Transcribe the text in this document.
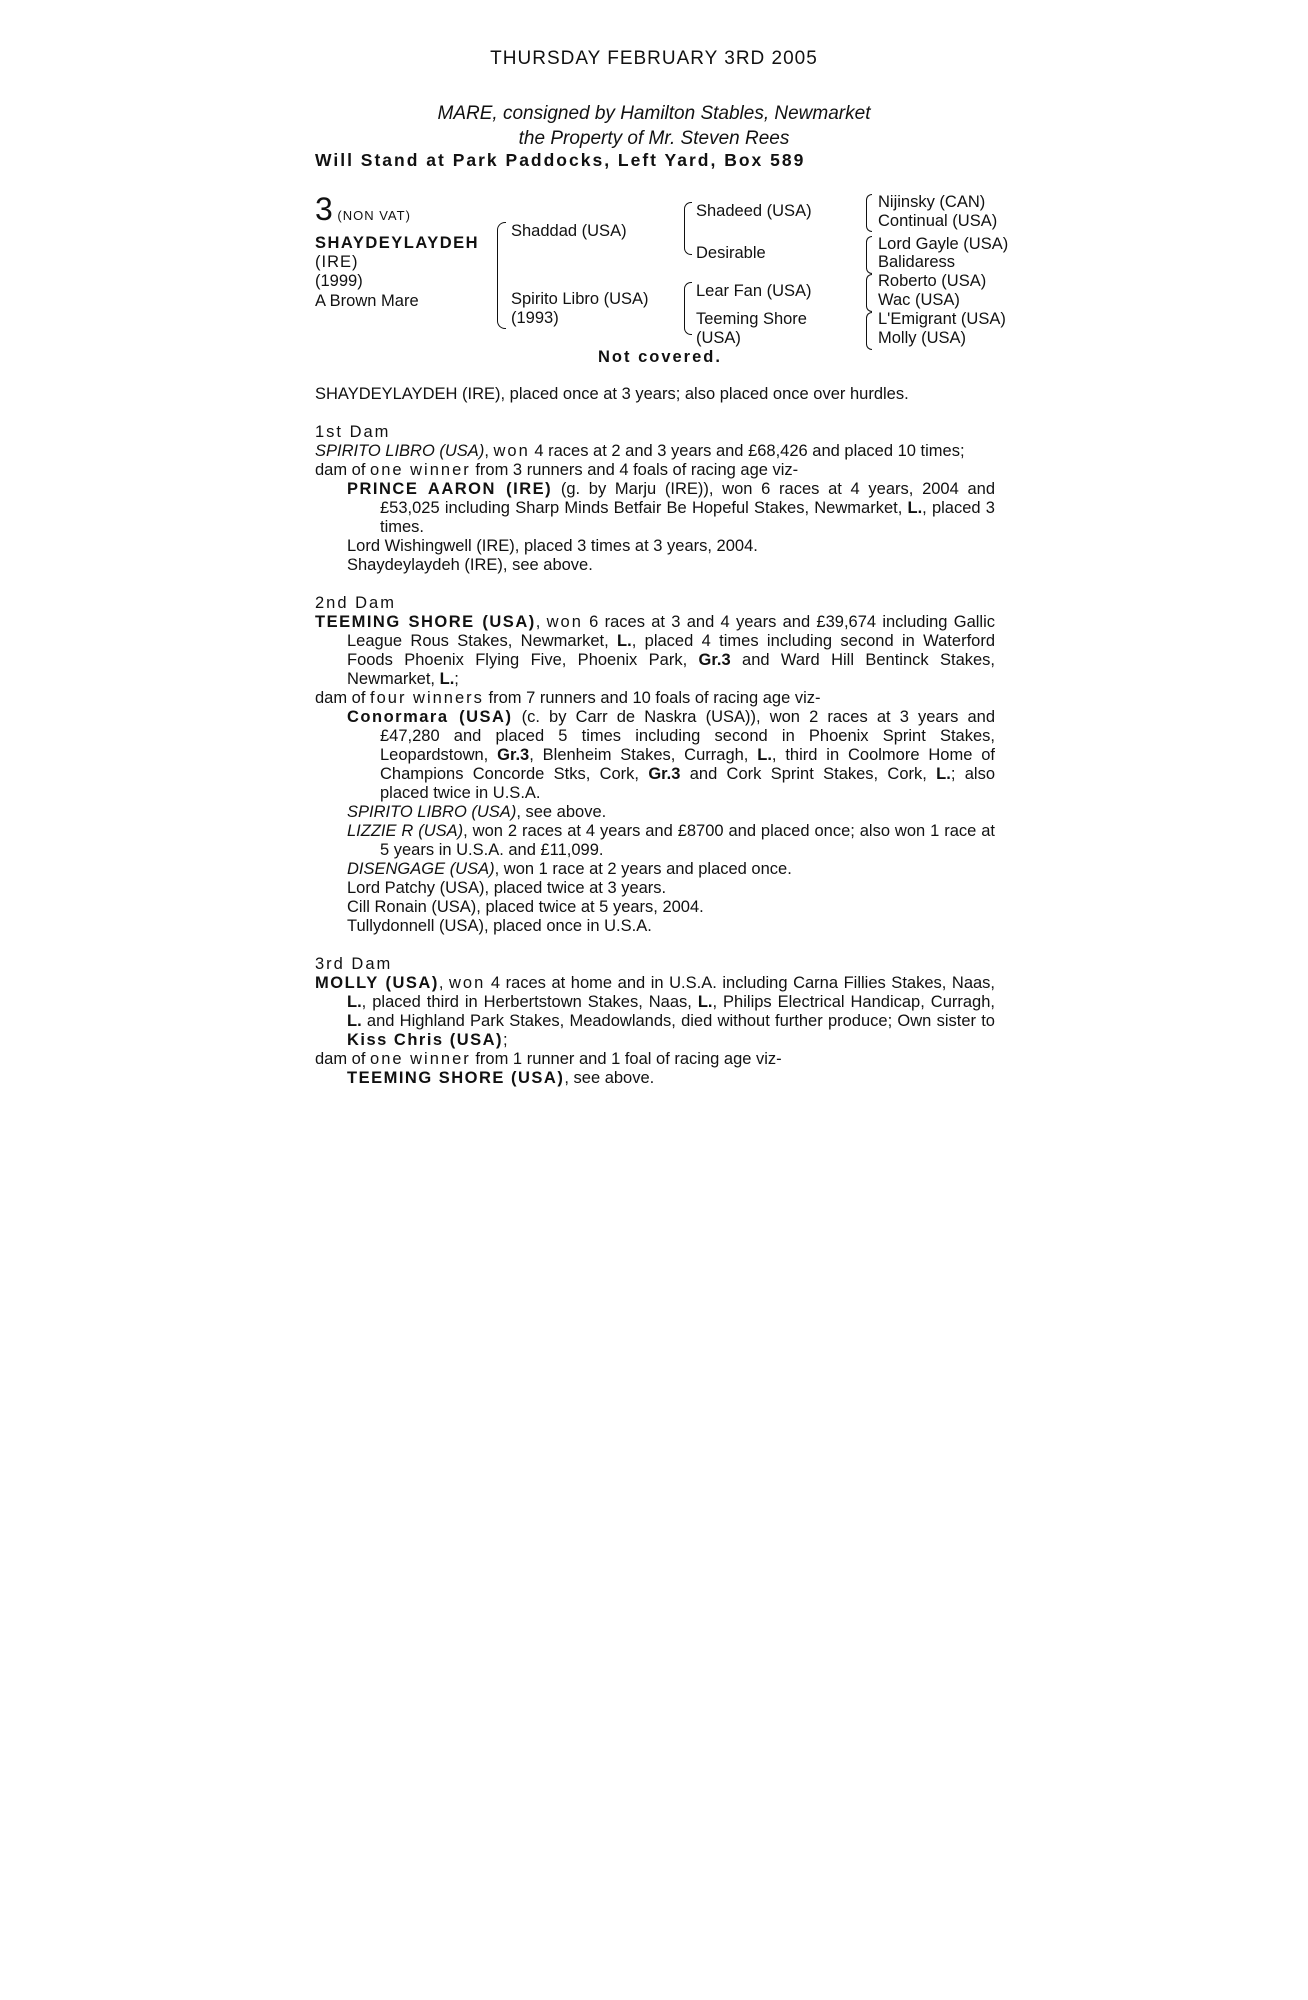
THURSDAY FEBRUARY 3RD 2005
MARE, consigned by Hamilton Stables, Newmarket
the Property of Mr. Steven Rees
Will Stand at Park Paddocks, Left Yard, Box 589
3 (NON VAT)
SHAYDEYLAYDEH
(IRE)
(1999)
A Brown Mare
Shaddad (USA)
Spirito Libro (USA)
(1993)
Shadeed (USA)
Desirable
Lear Fan (USA)
Teeming Shore
(USA)
Nijinsky (CAN)
Continual (USA)
Lord Gayle (USA)
Balidaress
Roberto (USA)
Wac (USA)
L'Emigrant (USA)
Molly (USA)
Not covered.

SHAYDEYLAYDEH (IRE), placed once at 3 years; also placed once over hurdles.

1st Dam

SPIRITO LIBRO (USA), won 4 races at 2 and 3 years and £68,426 and placed 10 times;

dam of one winner from 3 runners and 4 foals of racing age viz-

PRINCE AARON (IRE) (g. by Marju (IRE)), won 6 races at 4 years, 2004 and £53,025 including Sharp Minds Betfair Be Hopeful Stakes, Newmarket, L., placed 3 times.

Lord Wishingwell (IRE), placed 3 times at 3 years, 2004.

Shaydeylaydeh (IRE), see above.

2nd Dam

TEEMING SHORE (USA), won 6 races at 3 and 4 years and £39,674 including Gallic League Rous Stakes, Newmarket, L., placed 4 times including second in Waterford Foods Phoenix Flying Five, Phoenix Park, Gr.3 and Ward Hill Bentinck Stakes, Newmarket, L.;

dam of four winners from 7 runners and 10 foals of racing age viz-

Conormara (USA) (c. by Carr de Naskra (USA)), won 2 races at 3 years and £47,280 and placed 5 times including second in Phoenix Sprint Stakes, Leopardstown, Gr.3, Blenheim Stakes, Curragh, L., third in Coolmore Home of Champions Concorde Stks, Cork, Gr.3 and Cork Sprint Stakes, Cork, L.; also placed twice in U.S.A.

SPIRITO LIBRO (USA), see above.

LIZZIE R (USA), won 2 races at 4 years and £8700 and placed once; also won 1 race at 5 years in U.S.A. and £11,099.

DISENGAGE (USA), won 1 race at 2 years and placed once.

Lord Patchy (USA), placed twice at 3 years.

Cill Ronain (USA), placed twice at 5 years, 2004.

Tullydonnell (USA), placed once in U.S.A.

3rd Dam

MOLLY (USA), won 4 races at home and in U.S.A. including Carna Fillies Stakes, Naas, L., placed third in Herbertstown Stakes, Naas, L., Philips Electrical Handicap, Curragh, L. and Highland Park Stakes, Meadowlands, died without further produce; Own sister to Kiss Chris (USA);

dam of one winner from 1 runner and 1 foal of racing age viz-

TEEMING SHORE (USA), see above.
